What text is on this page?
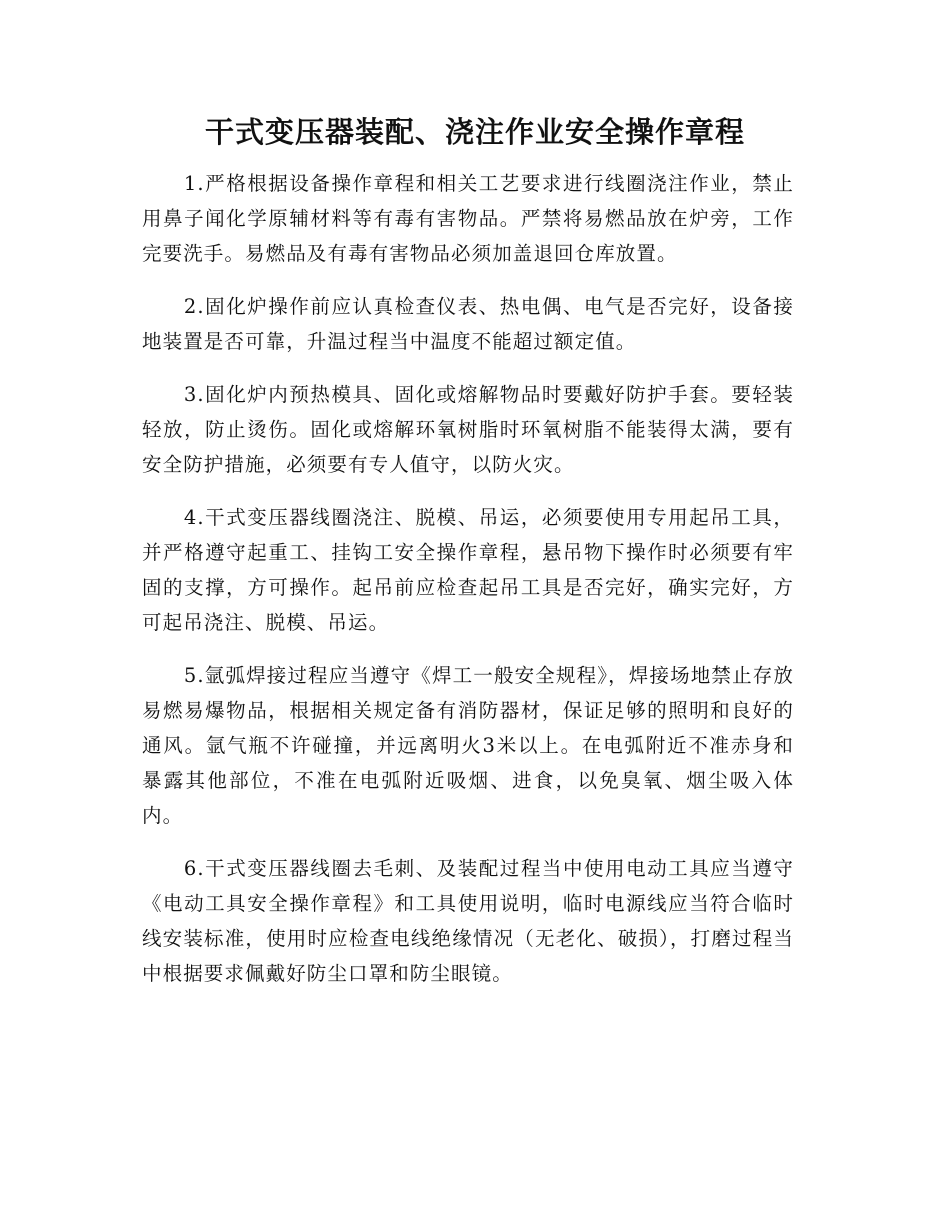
干式变压器装配、浇注作业安全操作章程

1.严格根据设备操作章程和相关工艺要求进行线圈浇注作业，禁止用鼻子闻化学原辅材料等有毒有害物品。严禁将易燃品放在炉旁，工作完要洗手。易燃品及有毒有害物品必须加盖退回仓库放置。

2.固化炉操作前应认真检查仪表、热电偶、电气是否完好，设备接地装置是否可靠，升温过程当中温度不能超过额定值。

3.固化炉内预热模具、固化或熔解物品时要戴好防护手套。要轻装轻放，防止烫伤。固化或熔解环氧树脂时环氧树脂不能装得太满，要有安全防护措施，必须要有专人值守，以防火灾。

4.干式变压器线圈浇注、脱模、吊运，必须要使用专用起吊工具，并严格遵守起重工、挂钩工安全操作章程，悬吊物下操作时必须要有牢固的支撑，方可操作。起吊前应检查起吊工具是否完好，确实完好，方可起吊浇注、脱模、吊运。

5.氩弧焊接过程应当遵守《焊工一般安全规程》，焊接场地禁止存放易燃易爆物品，根据相关规定备有消防器材，保证足够的照明和良好的通风。氩气瓶不许碰撞，并远离明火3米以上。在电弧附近不准赤身和暴露其他部位，不准在电弧附近吸烟、进食，以免臭氧、烟尘吸入体内。

6.干式变压器线圈去毛刺、及装配过程当中使用电动工具应当遵守《电动工具安全操作章程》和工具使用说明，临时电源线应当符合临时线安装标准，使用时应检查电线绝缘情况（无老化、破损），打磨过程当中根据要求佩戴好防尘口罩和防尘眼镜。
